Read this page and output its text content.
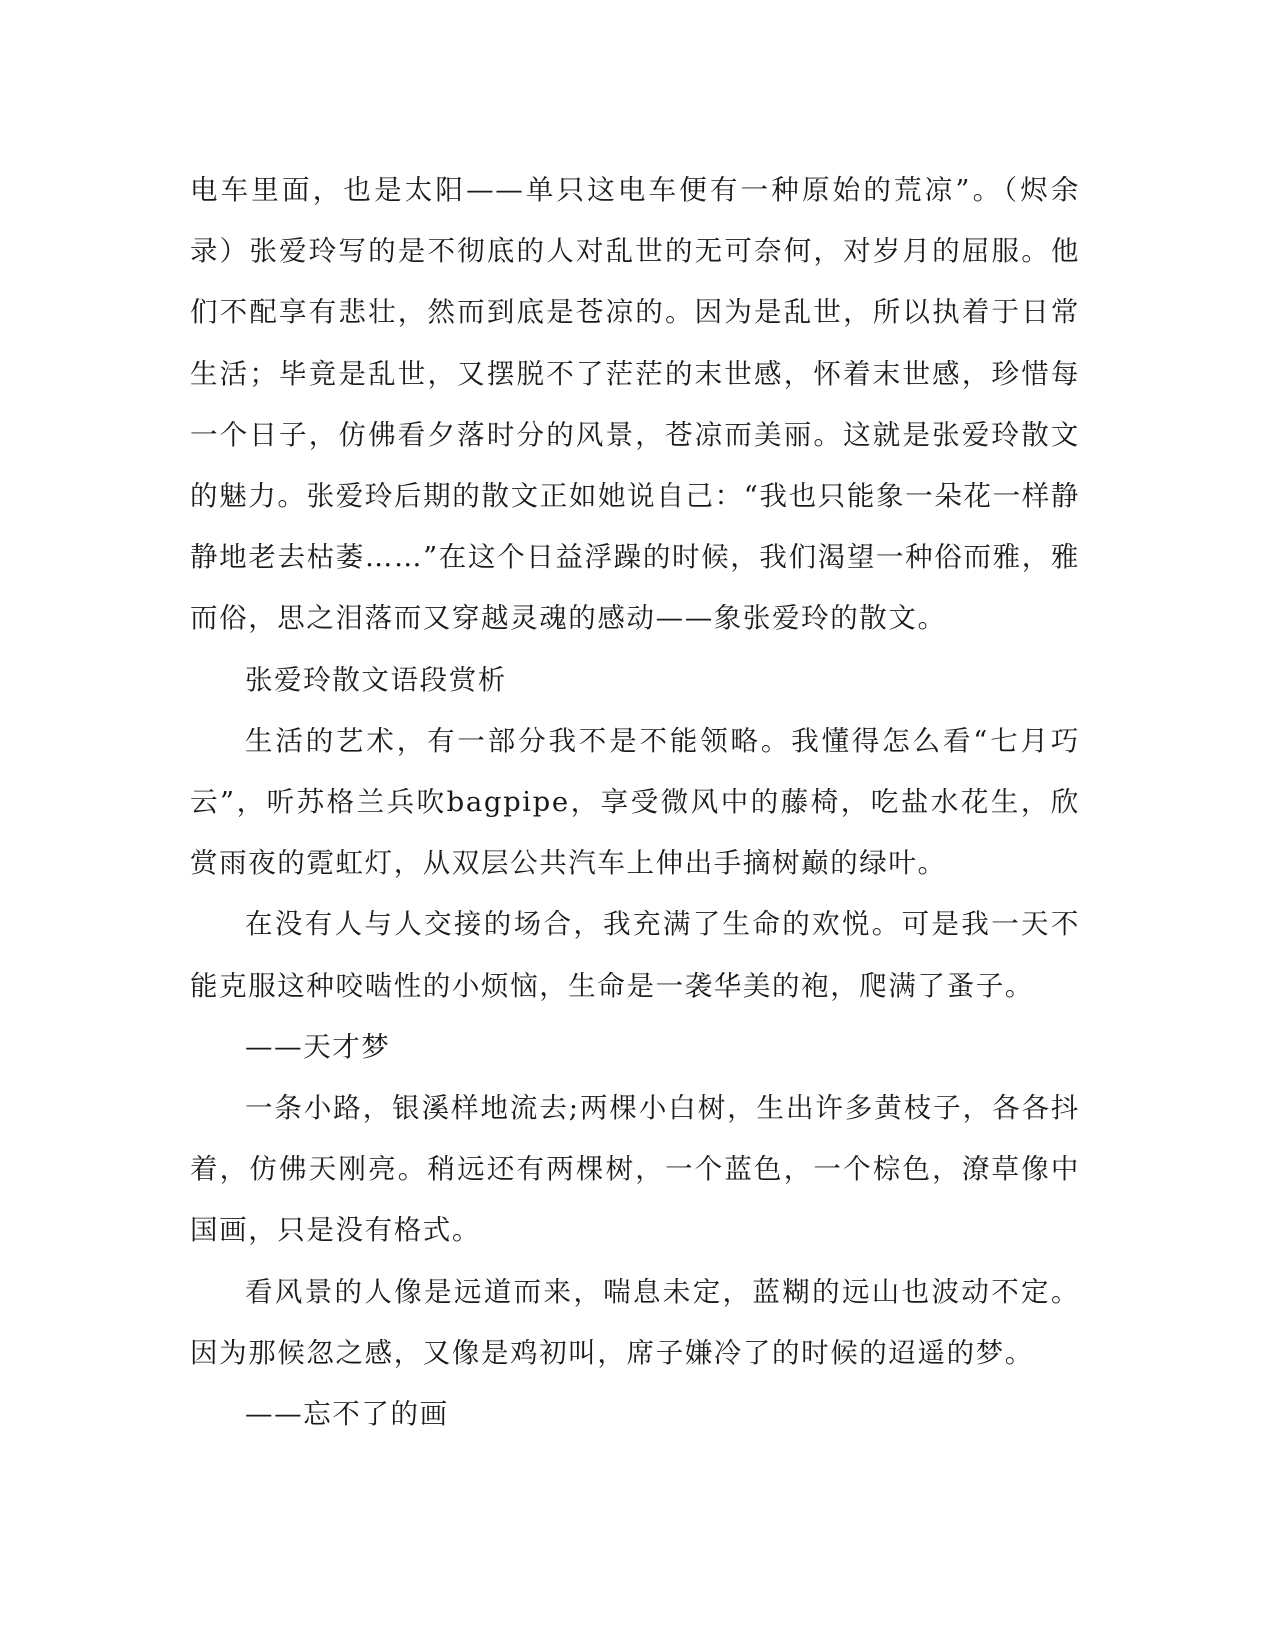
电车里面，也是太阳——单只这电车便有一种原始的荒凉”。（烬余录）张爱玲写的是不彻底的人对乱世的无可奈何，对岁月的屈服。他们不配享有悲壮，然而到底是苍凉的。因为是乱世，所以执着于日常生活；毕竟是乱世，又摆脱不了茫茫的末世感，怀着末世感，珍惜每一个日子，仿佛看夕落时分的风景，苍凉而美丽。这就是张爱玲散文的魅力。张爱玲后期的散文正如她说自己：“我也只能象一朵花一样静静地老去枯萎……”在这个日益浮躁的时候，我们渴望一种俗而雅，雅而俗，思之泪落而又穿越灵魂的感动——象张爱玲的散文。

张爱玲散文语段赏析

生活的艺术，有一部分我不是不能领略。我懂得怎么看“七月巧云”，听苏格兰兵吹bagpipe，享受微风中的藤椅，吃盐水花生，欣赏雨夜的霓虹灯，从双层公共汽车上伸出手摘树巅的绿叶。

在没有人与人交接的场合，我充满了生命的欢悦。可是我一天不能克服这种咬啮性的小烦恼，生命是一袭华美的袍，爬满了蚤子。

——天才梦

一条小路，银溪样地流去;两棵小白树，生出许多黄枝子，各各抖着，仿佛天刚亮。稍远还有两棵树，一个蓝色，一个棕色，潦草像中国画，只是没有格式。

看风景的人像是远道而来，喘息未定，蓝糊的远山也波动不定。因为那候忽之感，又像是鸡初叫，席子嫌冷了的时候的迢遥的梦。

——忘不了的画
